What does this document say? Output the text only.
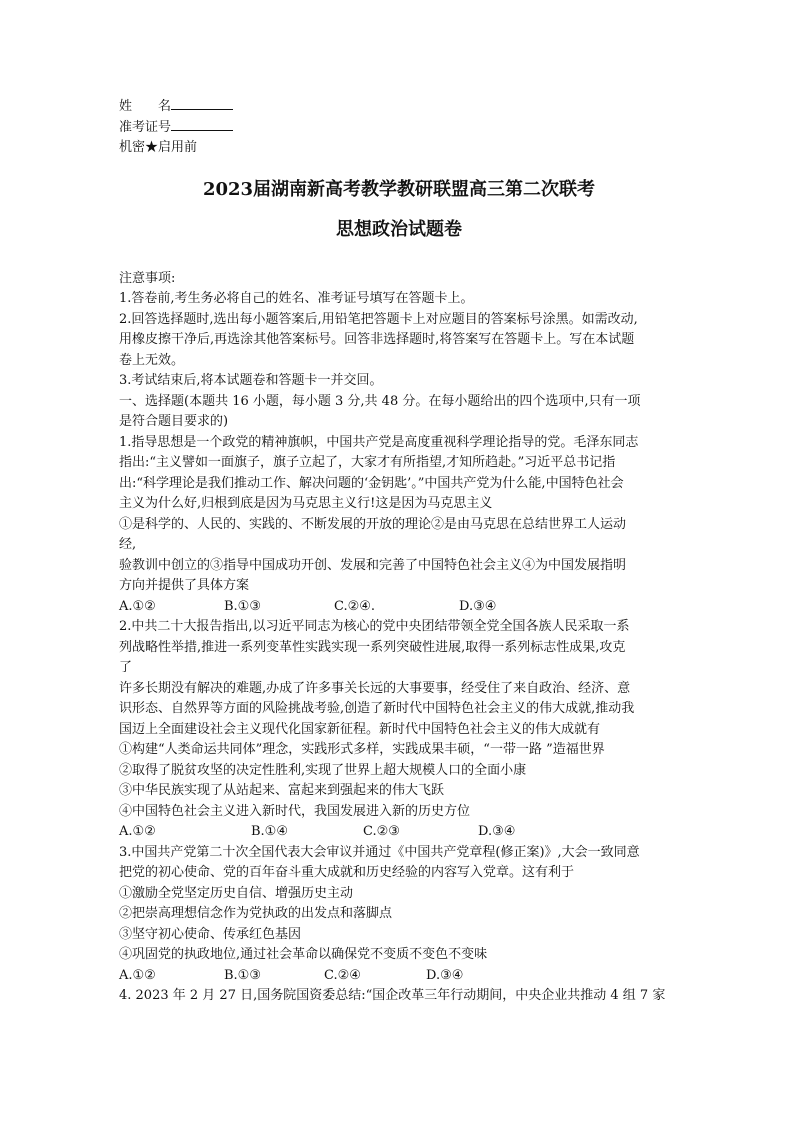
姓　　名
准考证号
机密★启用前
2023届湖南新高考教学教研联盟高三第二次联考
思想政治试题卷
注意事项:
1.答卷前,考生务必将自己的姓名、准考证号填写在答题卡上。
2.回答选择题时,选出每小题答案后,用铅笔把答题卡上对应题目的答案标号涂黑。如需改动,
用橡皮擦干净后,再选涂其他答案标号。回答非选择题时,将答案写在答题卡上。写在本试题
卷上无效。
3.考试结束后,将本试题卷和答题卡一并交回。
一、选择题(本题共 16 小题，每小题 3 分,共 48 分。在每小题给出的四个选项中,只有一项
是符合题目要求的)
1.指导思想是一个政党的精神旗帜，中国共产党是高度重视科学理论指导的党。毛泽东同志
指出:“主义譬如一面旗子，旗子立起了，大家才有所指望,才知所趋赴。”习近平总书记指
出:“科学理论是我们推动工作、解决问题的‘金钥匙’。”中国共产党为什么能,中国特色社会
主义为什么好,归根到底是因为马克思主义行!这是因为马克思主义
①是科学的、人民的、实践的、不断发展的开放的理论②是由马克思在总结世界工人运动
经,
验教训中创立的③指导中国成功开创、发展和完善了中国特色社会主义④为中国发展指明
方向并提供了具体方案
A.①②	B.①③	C.②④.	D.③④
2.中共二十大报告指出,以习近平同志为核心的党中央团结带领全党全国各族人民采取一系
列战略性举措,推进一系列变革性实践实现一系列突破性进展,取得一系列标志性成果,攻克
了
许多长期没有解决的难题,办成了许多事关长远的大事要事，经受住了来自政治、经济、意
识形态、自然界等方面的风险挑战考验,创造了新时代中国特色社会主义的伟大成就,推动我
国迈上全面建设社会主义现代化国家新征程。新时代中国特色社会主义的伟大成就有
①构建“人类命运共同体”理念，实践形式多样，实践成果丰硕，“一带一路 ”造福世界
②取得了脱贫攻坚的决定性胜利,实现了世界上超大规模人口的全面小康
③中华民族实现了从站起来、富起来到强起来的伟大飞跃
④中国特色社会主义进入新时代，我国发展进入新的历史方位
A.①②	B.①④	C.②③	D.③④
3.中国共产党第二十次全国代表大会审议并通过《中国共产党章程(修正案)》,大会一致同意
把党的初心使命、党的百年奋斗重大成就和历史经验的内容写入党章。这有利于
①激励全党坚定历史自信、增强历史主动
②把崇高理想信念作为党执政的出发点和落脚点
③坚守初心使命、传承红色基因
④巩固党的执政地位,通过社会革命以确保党不变质不变色不变味
A.①②	B.①③	C.②④	D.③④
4. 2023 年 2 月 27 日,国务院国资委总结:“国企改革三年行动期间，中央企业共推动 4 组 7 家
